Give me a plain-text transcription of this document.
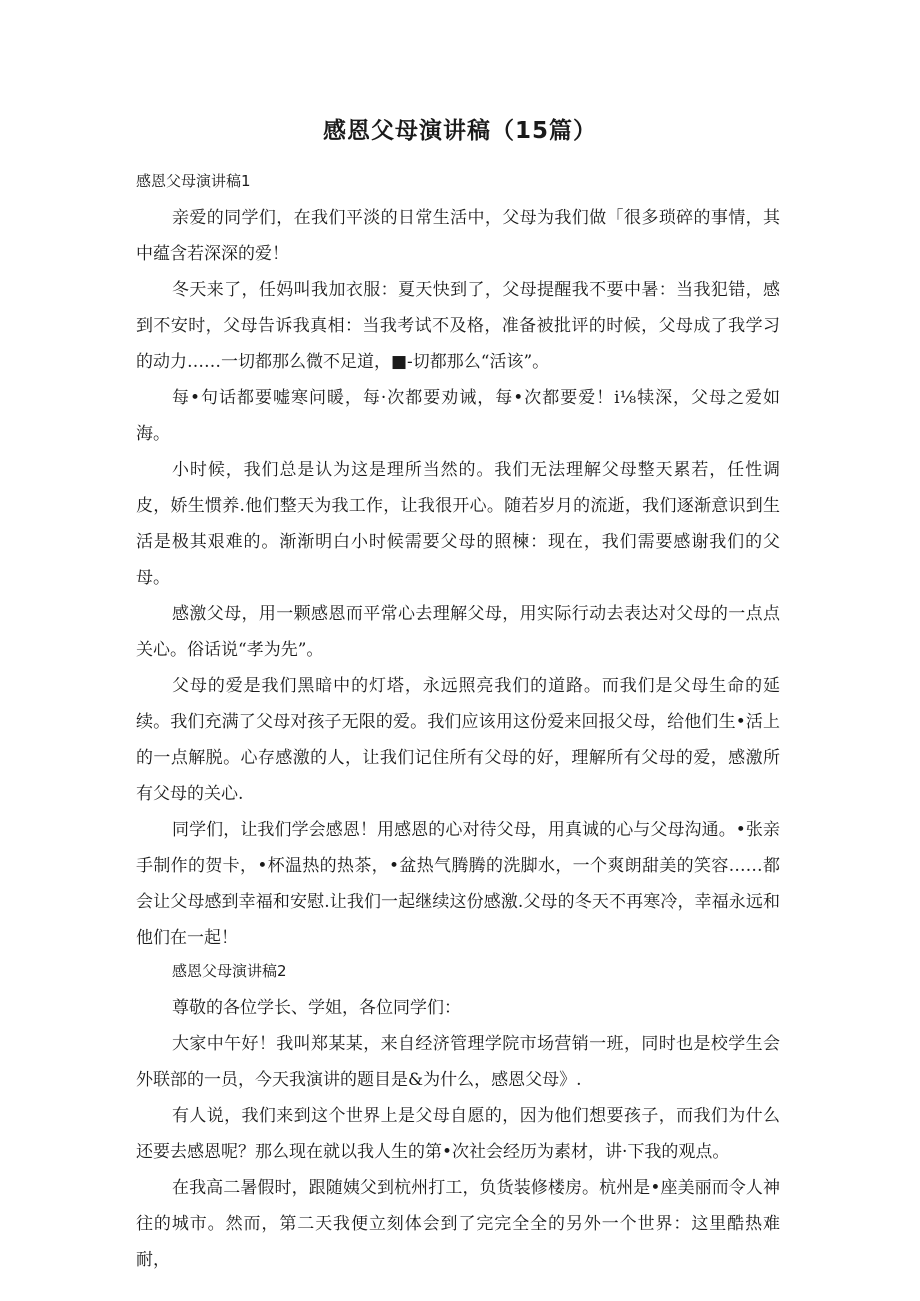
感恩父母演讲稿（15篇）
感恩父母演讲稿1

亲爱的同学们，在我们平淡的日常生活中，父母为我们做「很多琐碎的事情，其中蕴含若深深的爱！

冬天来了，任妈叫我加衣服：夏天快到了，父母提醒我不要中暑：当我犯错，感到不安时，父母告诉我真相：当我考试不及格，准备被批评的时候，父母成了我学习的动力……一切都那么微不足道，■-切都那么“活该”。

每•句话都要嘘寒问暖，每·次都要劝诫，每•次都要爱！i⅛犊深，父母之爱如海。

小时候，我们总是认为这是理所当然的。我们无法理解父母整天累若，任性调皮，娇生惯养.他们整天为我工作，让我很开心。随若岁月的流逝，我们逐渐意识到生活是极其艰难的。渐渐明白小时候需要父母的照楝：现在，我们需要感谢我们的父母。

感激父母，用一颗感恩而平常心去理解父母，用实际行动去表达对父母的一点点关心。俗话说“孝为先”。

父母的爱是我们黑暗中的灯塔，永远照亮我们的道路。而我们是父母生命的延续。我们充满了父母对孩子无限的爱。我们应该用这份爱来回报父母，给他们生•活上的一点解脱。心存感激的人，让我们记住所有父母的好，理解所有父母的爱，感激所有父母的关心.

同学们，让我们学会感恩！用感恩的心对待父母，用真诚的心与父母沟通。•张亲手制作的贺卡，•杯温热的热茶，•盆热气腾腾的洗脚水，一个爽朗甜美的笑容……都会让父母感到幸福和安慰.让我们一起继续这份感激.父母的冬天不再寒冷，幸福永远和他们在一起！

感恩父母演讲稿2

尊敬的各位学长、学姐，各位同学们：

大家中午好！我叫郑某某，来自经济管理学院市场营销一班，同时也是校学生会外联部的一员，今天我演讲的题目是&为什么，感恩父母》.

有人说，我们来到这个世界上是父母自愿的，因为他们想要孩子，而我们为什么还要去感恩呢？那么现在就以我人生的第•次社会经历为素材，讲·下我的观点。

在我高二暑假时，跟随姨父到杭州打工，负货装修楼房。杭州是•座美丽而令人神往的城市。然而，第二天我便立刻体会到了完完全全的另外一个世界：这里酷热难耐，
